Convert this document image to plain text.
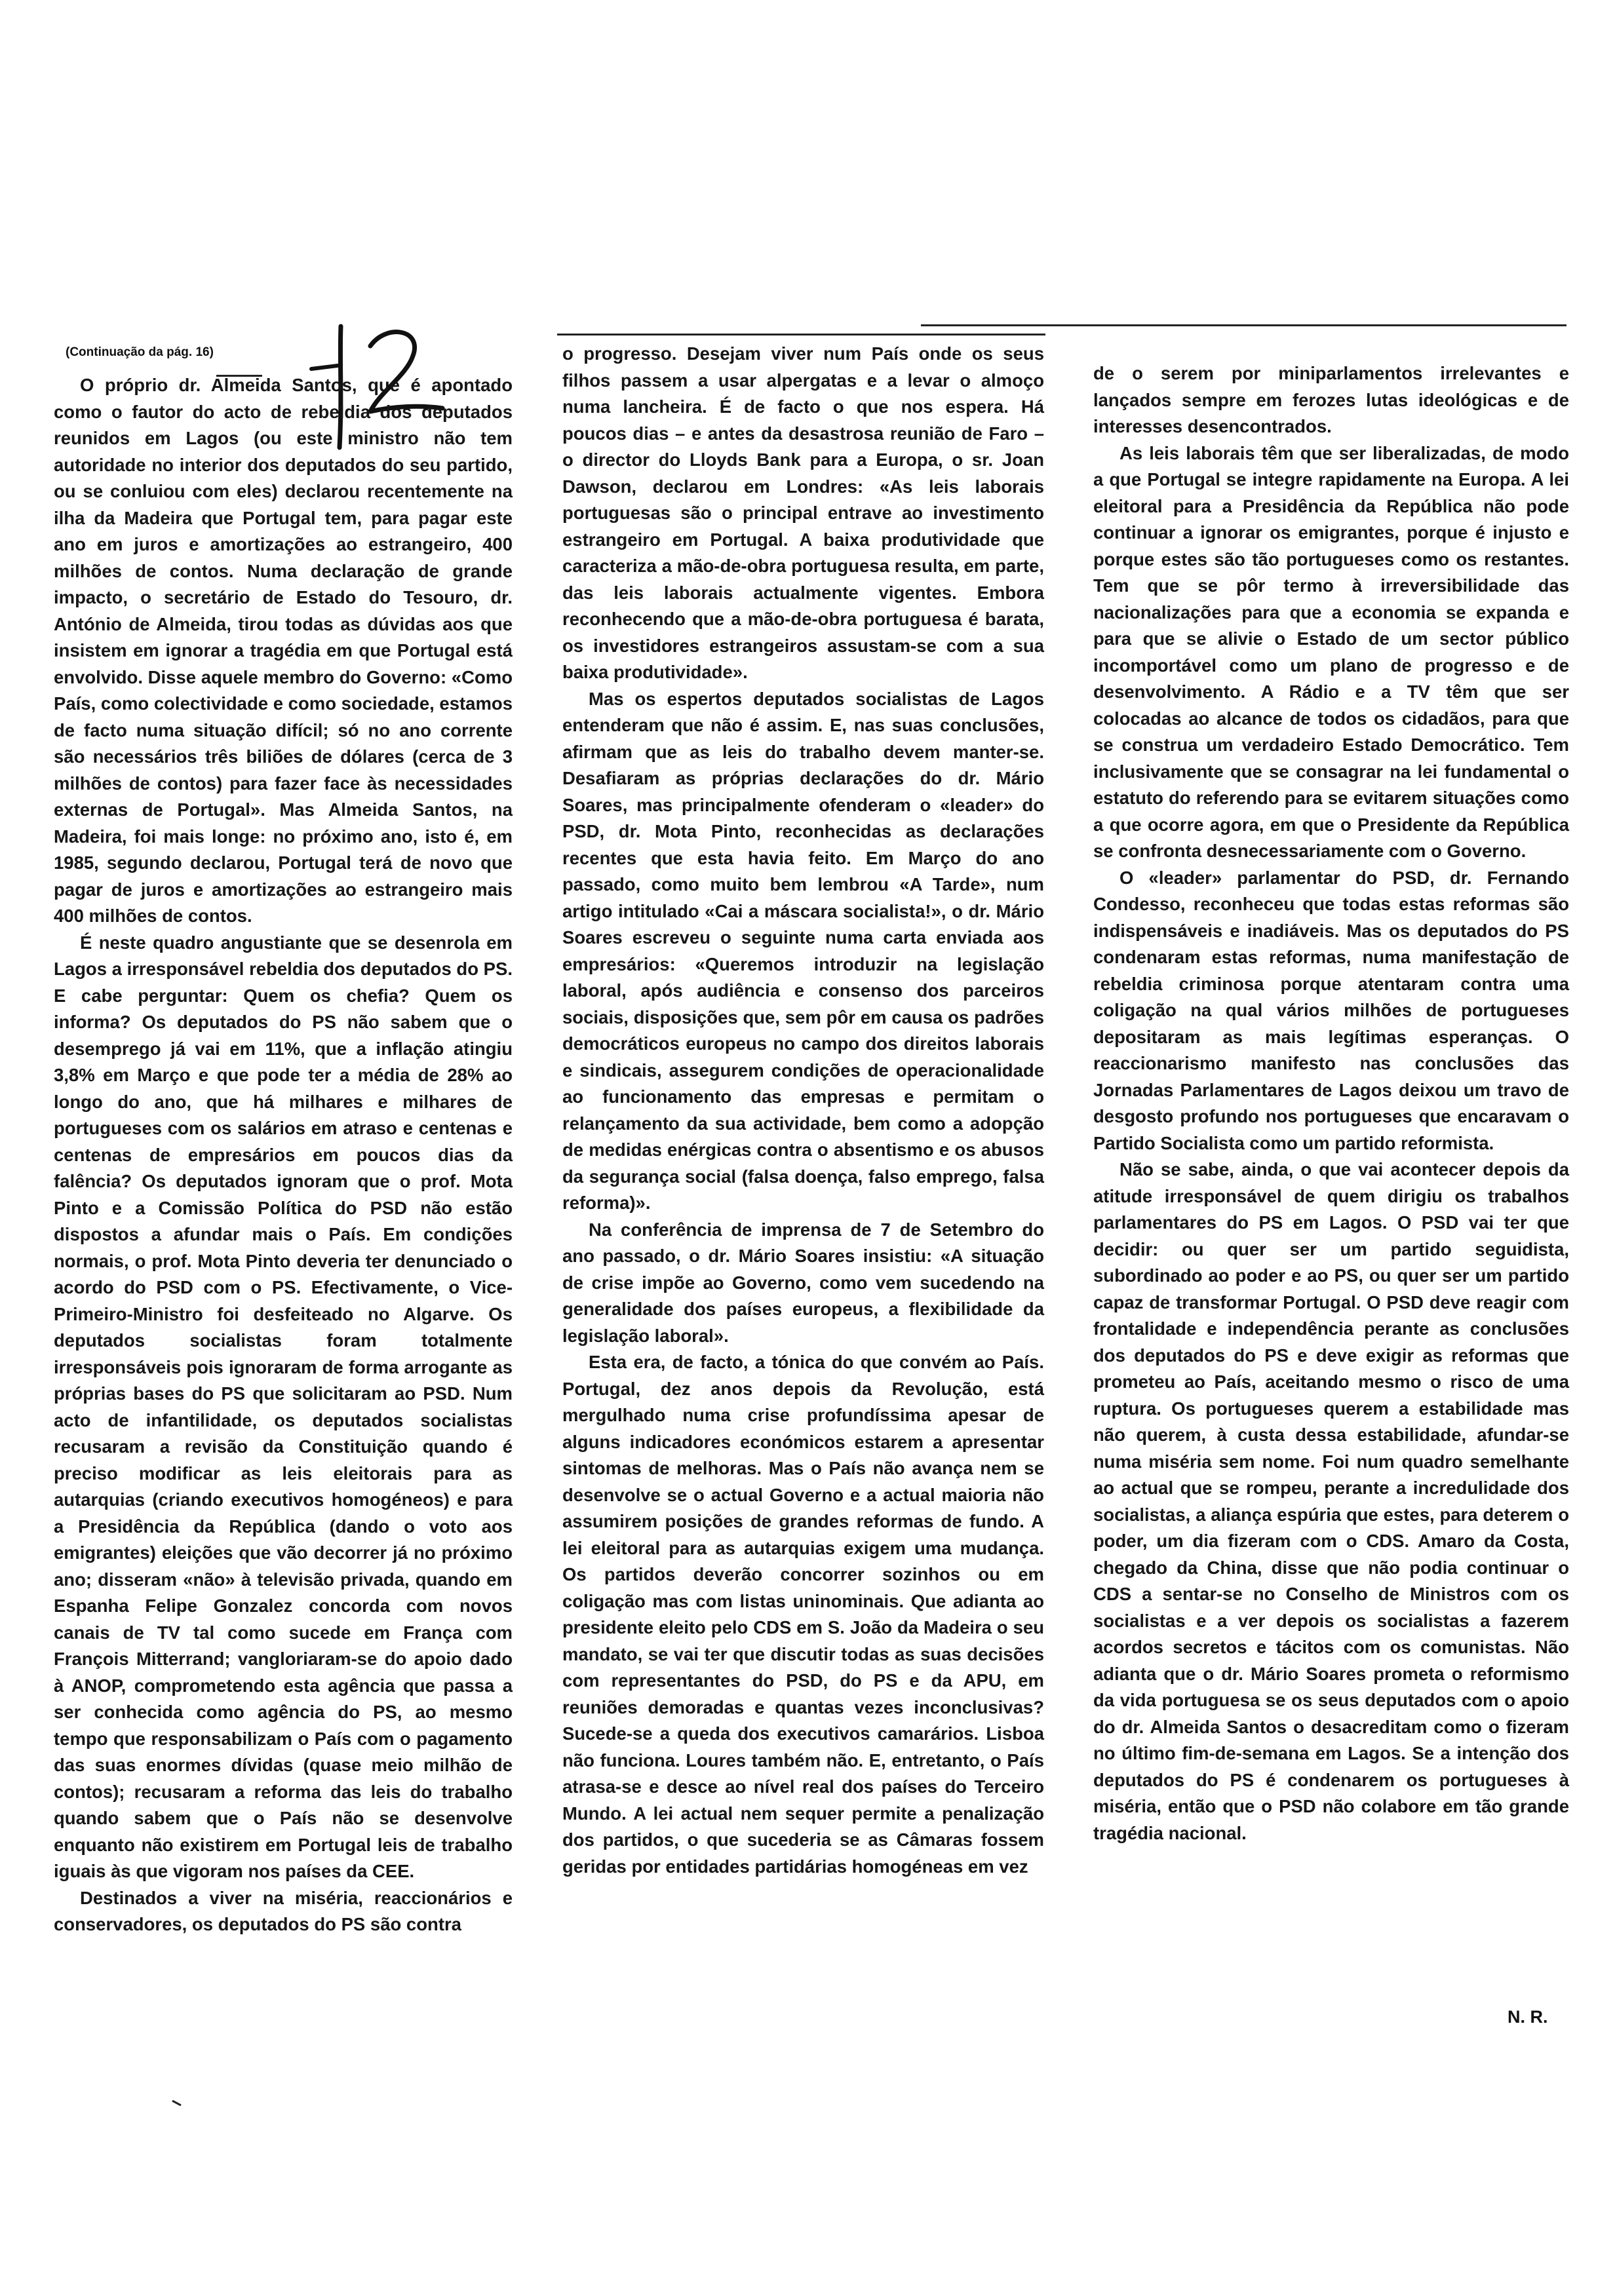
(Continuação da pág. 16)

O próprio dr. Almeida Santos, que é apontado como o fautor do acto de rebeldia dos deputados reunidos em Lagos (ou este ministro não tem autoridade no interior dos deputados do seu partido, ou se conluiou com eles) declarou recentemente na ilha da Madeira que Portugal tem, para pagar este ano em juros e amortizações ao estrangeiro, 400 milhões de contos. Numa declaração de grande impacto, o secretário de Estado do Tesouro, dr. António de Almeida, tirou todas as dúvidas aos que insistem em ignorar a tragédia em que Portugal está envolvido. Disse aquele membro do Governo: «Como País, como colectividade e como sociedade, estamos de facto numa situação difícil; só no ano corrente são necessários três biliões de dólares (cerca de 3 milhões de contos) para fazer face às necessidades externas de Portugal». Mas Almeida Santos, na Madeira, foi mais longe: no próximo ano, isto é, em 1985, segundo declarou, Portugal terá de novo que pagar de juros e amortizações ao estrangeiro mais 400 milhões de contos.

É neste quadro angustiante que se desenrola em Lagos a irresponsável rebeldia dos deputados do PS. E cabe perguntar: Quem os chefia? Quem os informa? Os deputados do PS não sabem que o desemprego já vai em 11%, que a inflação atingiu 3,8% em Março e que pode ter a média de 28% ao longo do ano, que há milhares e milhares de portugueses com os salários em atraso e centenas e centenas de empresários em poucos dias da falência? Os deputados ignoram que o prof. Mota Pinto e a Comissão Política do PSD não estão dispostos a afundar mais o País. Em condições normais, o prof. Mota Pinto deveria ter denunciado o acordo do PSD com o PS. Efectivamente, o Vice-Primeiro-Ministro foi desfeiteado no Algarve. Os deputados socialistas foram totalmente irresponsáveis pois ignoraram de forma arrogante as próprias bases do PS que solicitaram ao PSD. Num acto de infantilidade, os deputados socialistas recusaram a revisão da Constituição quando é preciso modificar as leis eleitorais para as autarquias (criando executivos homogéneos) e para a Presidência da República (dando o voto aos emigrantes) eleições que vão decorrer já no próximo ano; disseram «não» à televisão privada, quando em Espanha Felipe Gonzalez concorda com novos canais de TV tal como sucede em França com François Mitterrand; vangloriaram-se do apoio dado à ANOP, comprometendo esta agência que passa a ser conhecida como agência do PS, ao mesmo tempo que responsabilizam o País com o pagamento das suas enormes dívidas (quase meio milhão de contos); recusaram a reforma das leis do trabalho quando sabem que o País não se desenvolve enquanto não existirem em Portugal leis de trabalho iguais às que vigoram nos países da CEE.

Destinados a viver na miséria, reaccionários e conservadores, os deputados do PS são contra

o progresso. Desejam viver num País onde os seus filhos passem a usar alpergatas e a levar o almoço numa lancheira. É de facto o que nos espera. Há poucos dias – e antes da desastrosa reunião de Faro – o director do Lloyds Bank para a Europa, o sr. Joan Dawson, declarou em Londres: «As leis laborais portuguesas são o principal entrave ao investimento estrangeiro em Portugal. A baixa produtividade que caracteriza a mão-de-obra portuguesa resulta, em parte, das leis laborais actualmente vigentes. Embora reconhecendo que a mão-de-obra portuguesa é barata, os investidores estrangeiros assustam-se com a sua baixa produtividade».

Mas os espertos deputados socialistas de Lagos entenderam que não é assim. E, nas suas conclusões, afirmam que as leis do trabalho devem manter-se. Desafiaram as próprias declarações do dr. Mário Soares, mas principalmente ofenderam o «leader» do PSD, dr. Mota Pinto, reconhecidas as declarações recentes que esta havia feito. Em Março do ano passado, como muito bem lembrou «A Tarde», num artigo intitulado «Cai a máscara socialista!», o dr. Mário Soares escreveu o seguinte numa carta enviada aos empresários: «Queremos introduzir na legislação laboral, após audiência e consenso dos parceiros sociais, disposições que, sem pôr em causa os padrões democráticos europeus no campo dos direitos laborais e sindicais, assegurem condições de operacionalidade ao funcionamento das empresas e permitam o relançamento da sua actividade, bem como a adopção de medidas enérgicas contra o absentismo e os abusos da segurança social (falsa doença, falso emprego, falsa reforma)».

Na conferência de imprensa de 7 de Setembro do ano passado, o dr. Mário Soares insistiu: «A situação de crise impõe ao Governo, como vem sucedendo na generalidade dos países europeus, a flexibilidade da legislação laboral».

Esta era, de facto, a tónica do que convém ao País. Portugal, dez anos depois da Revolução, está mergulhado numa crise profundíssima apesar de alguns indicadores económicos estarem a apresentar sintomas de melhoras. Mas o País não avança nem se desenvolve se o actual Governo e a actual maioria não assumirem posições de grandes reformas de fundo. A lei eleitoral para as autarquias exigem uma mudança. Os partidos deverão concorrer sozinhos ou em coligação mas com listas uninominais. Que adianta ao presidente eleito pelo CDS em S. João da Madeira o seu mandato, se vai ter que discutir todas as suas decisões com representantes do PSD, do PS e da APU, em reuniões demoradas e quantas vezes inconclusivas? Sucede-se a queda dos executivos camarários. Lisboa não funciona. Loures também não. E, entretanto, o País atrasa-se e desce ao nível real dos países do Terceiro Mundo. A lei actual nem sequer permite a penalização dos partidos, o que sucederia se as Câmaras fossem geridas por entidades partidárias homogéneas em vez

de o serem por miniparlamentos irrelevantes e lançados sempre em ferozes lutas ideológicas e de interesses desencontrados.

As leis laborais têm que ser liberalizadas, de modo a que Portugal se integre rapidamente na Europa. A lei eleitoral para a Presidência da República não pode continuar a ignorar os emigrantes, porque é injusto e porque estes são tão portugueses como os restantes. Tem que se pôr termo à irreversibilidade das nacionalizações para que a economia se expanda e para que se alivie o Estado de um sector público incomportável como um plano de progresso e de desenvolvimento. A Rádio e a TV têm que ser colocadas ao alcance de todos os cidadãos, para que se construa um verdadeiro Estado Democrático. Tem inclusivamente que se consagrar na lei fundamental o estatuto do referendo para se evitarem situações como a que ocorre agora, em que o Presidente da República se confronta desnecessariamente com o Governo.

O «leader» parlamentar do PSD, dr. Fernando Condesso, reconheceu que todas estas reformas são indispensáveis e inadiáveis. Mas os deputados do PS condenaram estas reformas, numa manifestação de rebeldia criminosa porque atentaram contra uma coligação na qual vários milhões de portugueses depositaram as mais legítimas esperanças. O reaccionarismo manifesto nas conclusões das Jornadas Parlamentares de Lagos deixou um travo de desgosto profundo nos portugueses que encaravam o Partido Socialista como um partido reformista.

Não se sabe, ainda, o que vai acontecer depois da atitude irresponsável de quem dirigiu os trabalhos parlamentares do PS em Lagos. O PSD vai ter que decidir: ou quer ser um partido seguidista, subordinado ao poder e ao PS, ou quer ser um partido capaz de transformar Portugal. O PSD deve reagir com frontalidade e independência perante as conclusões dos deputados do PS e deve exigir as reformas que prometeu ao País, aceitando mesmo o risco de uma ruptura. Os portugueses querem a estabilidade mas não querem, à custa dessa estabilidade, afundar-se numa miséria sem nome. Foi num quadro semelhante ao actual que se rompeu, perante a incredulidade dos socialistas, a aliança espúria que estes, para deterem o poder, um dia fizeram com o CDS. Amaro da Costa, chegado da China, disse que não podia continuar o CDS a sentar-se no Conselho de Ministros com os socialistas e a ver depois os socialistas a fazerem acordos secretos e tácitos com os comunistas. Não adianta que o dr. Mário Soares prometa o reformismo da vida portuguesa se os seus deputados com o apoio do dr. Almeida Santos o desacreditam como o fizeram no último fim-de-semana em Lagos. Se a intenção dos deputados do PS é condenarem os portugueses à miséria, então que o PSD não colabore em tão grande tragédia nacional.

N. R.
